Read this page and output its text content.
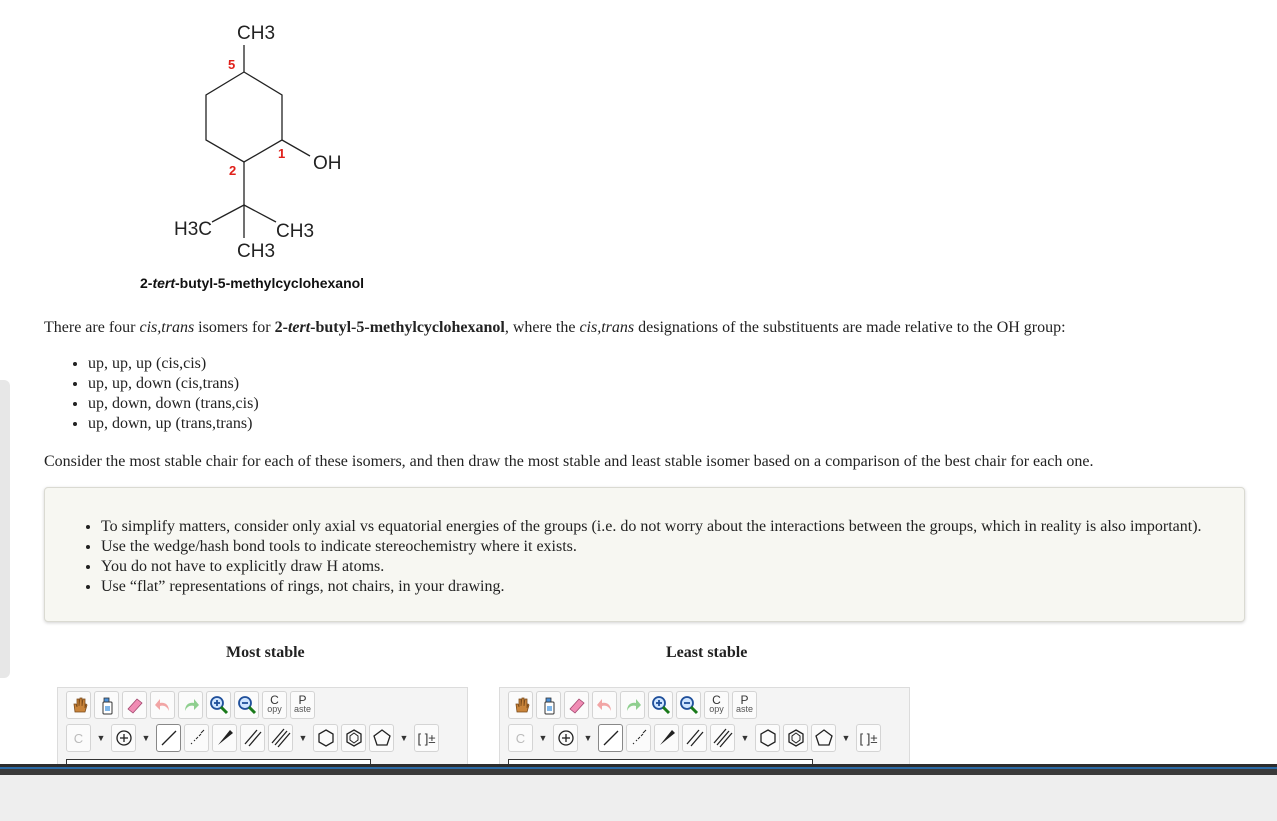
CH3
OH
H3C	CH3
CH3
5
1
2
2-tert-butyl-5-methylcyclohexanol

There are four cis,trans isomers for 2-tert-butyl-5-methylcyclohexanol, where the cis,trans designations of the substituents are made relative to the OH group:

• up, up, up (cis,cis)
• up, up, down (cis,trans)
• up, down, down (trans,cis)
• up, down, up (trans,trans)

Consider the most stable chair for each of these isomers, and then draw the most stable and least stable isomer based on a comparison of the best chair for each one.

• To simplify matters, consider only axial vs equatorial energies of the groups (i.e. do not worry about the interactions between the groups, which in reality is also important).
• Use the wedge/hash bond tools to indicate stereochemistry where it exists.
• You do not have to explicitly draw H atoms.
• Use “flat” representations of rings, not chairs, in your drawing.
Most stable	Least stable
C
opy
P
aste
C	▼	▼	▼	▼ [ ]±
C
opy
P
aste
C	▼	▼	▼	▼ [ ]±
